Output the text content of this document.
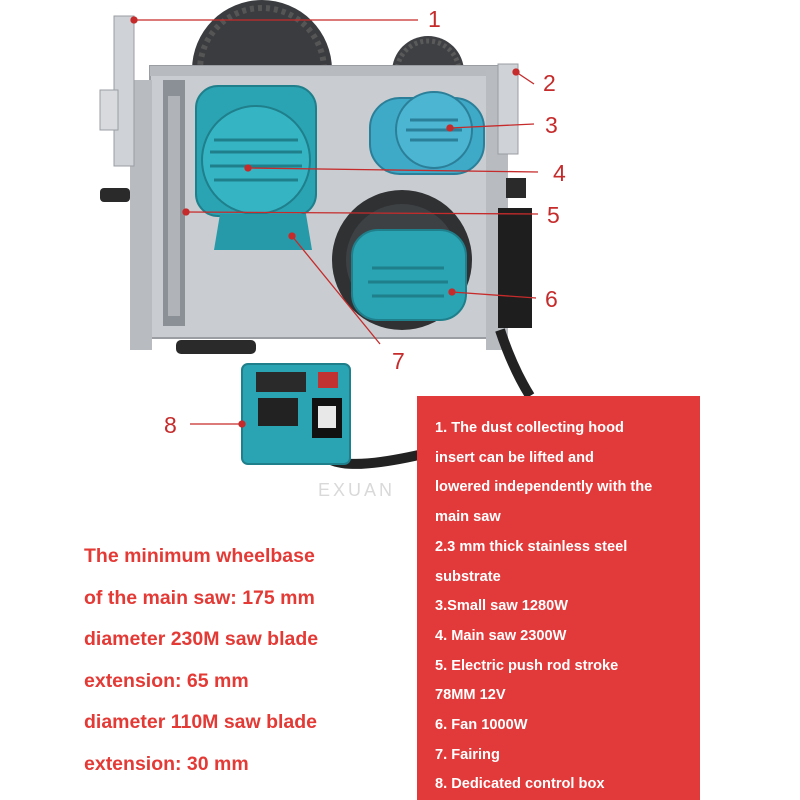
1
2
3
4
5
6
7
8
EXUAN
The minimum wheelbase
of the main saw: 175 mm
diameter 230M saw blade
extension: 65 mm
diameter 110M saw blade
extension: 30 mm
1. The dust collecting hood
insert can be lifted and
lowered independently with the
main saw
2.3 mm thick stainless steel
substrate
3.Small saw 1280W
4. Main saw 2300W
5. Electric push rod stroke
78MM 12V
6. Fan 1000W
7. Fairing
8. Dedicated control box
